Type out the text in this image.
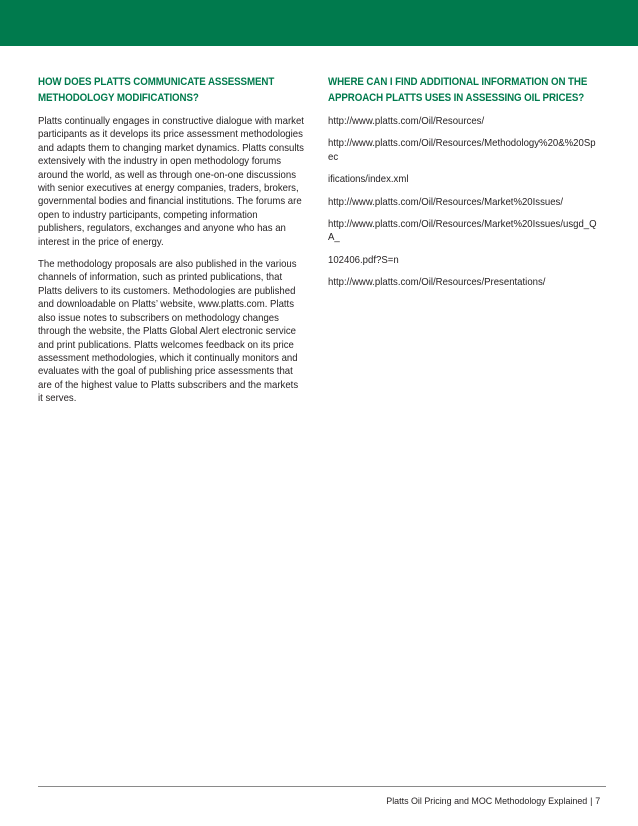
HOW DOES PLATTS COMMUNICATE ASSESSMENT METHODOLOGY MODIFICATIONS?

Platts continually engages in constructive dialogue with market participants as it develops its price assessment methodologies and adapts them to changing market dynamics. Platts consults extensively with the industry in open methodology forums around the world, as well as through one-on-one discussions with senior executives at energy companies, traders, brokers, governmental bodies and financial institutions. The forums are open to industry participants, competing information publishers, regulators, exchanges and anyone who has an interest in the price of energy.

The methodology proposals are also published in the various channels of information, such as printed publications, that Platts delivers to its customers. Methodologies are published and downloadable on Platts’ website, www.platts.com. Platts also issue notes to subscribers on methodology changes through the website, the Platts Global Alert electronic service and print publications. Platts welcomes feedback on its price assessment methodologies, which it continually monitors and evaluates with the goal of publishing price assessments that are of the highest value to Platts subscribers and the markets it serves.

WHERE CAN I FIND ADDITIONAL INFORMATION ON THE APPROACH PLATTS USES IN ASSESSING OIL PRICES?

http://www.platts.com/Oil/Resources/

http://www.platts.com/Oil/Resources/Methodology%20&%20Spec

ifications/index.xml

http://www.platts.com/Oil/Resources/Market%20Issues/

http://www.platts.com/Oil/Resources/Market%20Issues/usgd_QA_

102406.pdf?S=n

http://www.platts.com/Oil/Resources/Presentations/

Platts Oil Pricing and MOC Methodology Explained | 7
